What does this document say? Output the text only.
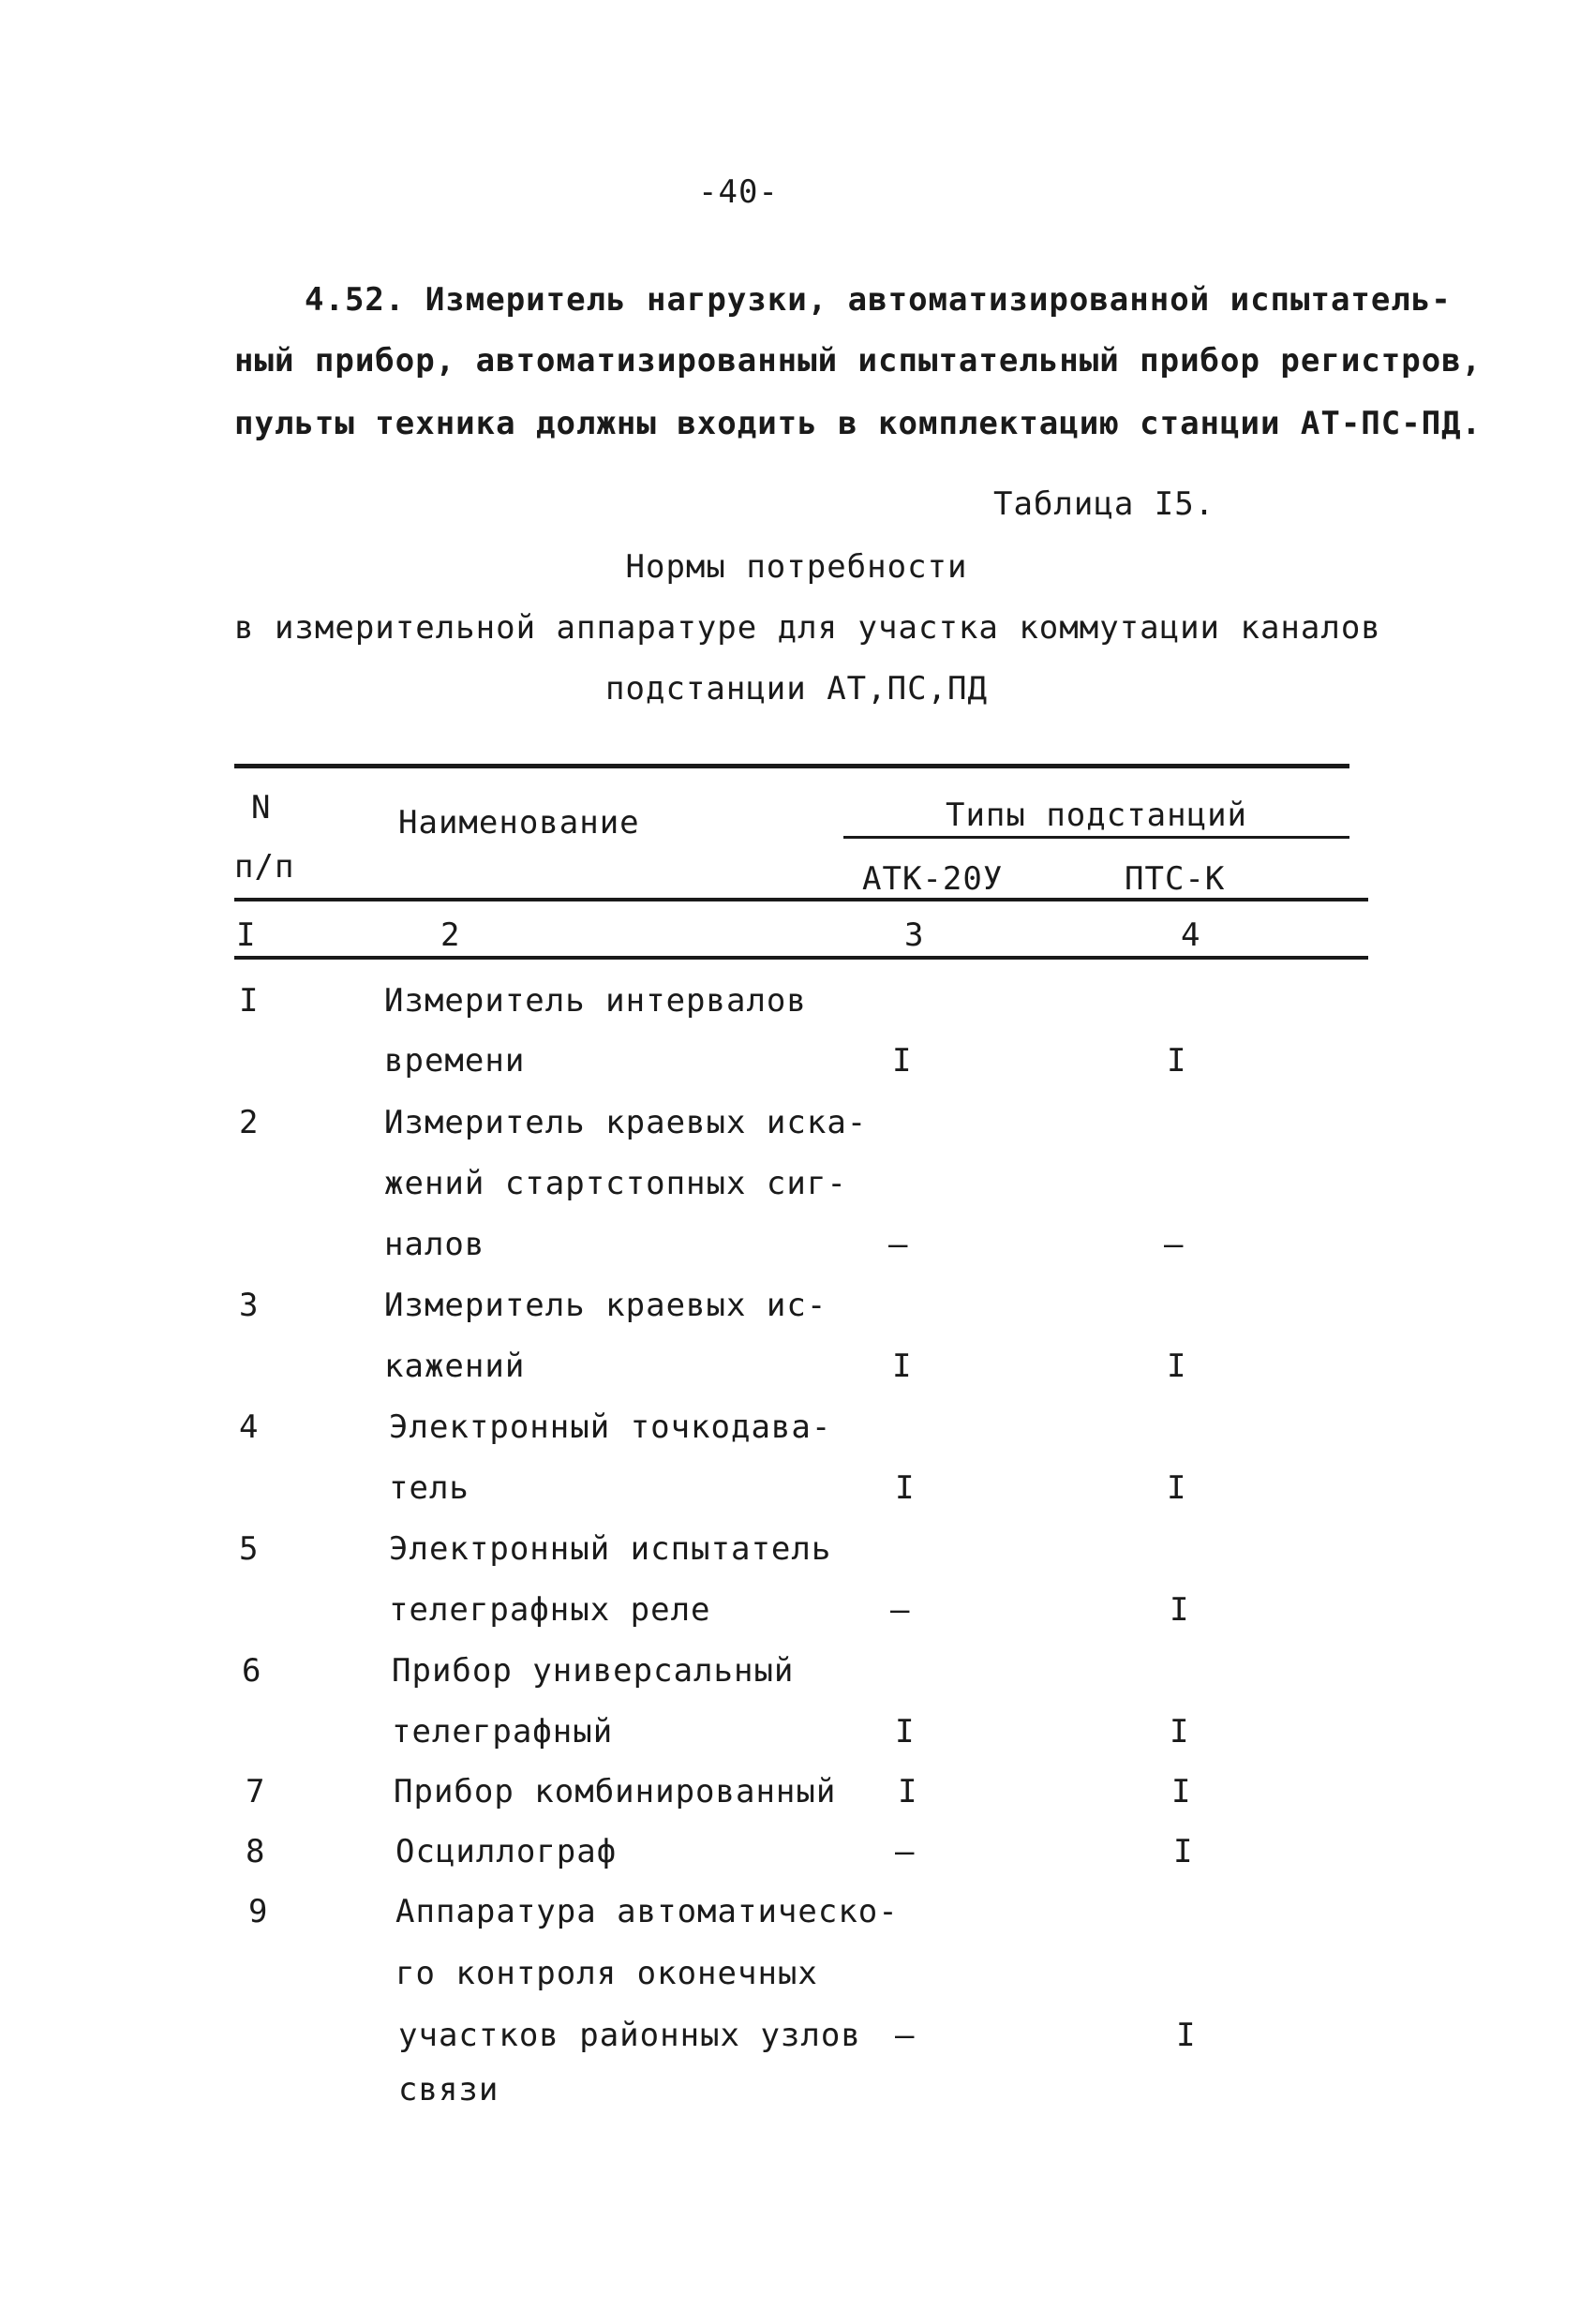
-40-
4.52. Измеритель нагрузки, автоматизированной испытатель-
ный прибор, автоматизированный испытательный прибор регистров,
пульты техника должны входить в комплектацию станции АТ-ПС-ПД.
Таблица I5.
Нормы потребности
в измерительной аппаратуре для участка коммутации каналов
подстанции АТ,ПС,ПД
N
п/п
Наименование	Типы подстанций
АТК-20У	ПТС-К
I	2	3	4
I	Измеритель интервалов
времени	I	I
2	Измеритель краевых иска-
жений стартстопных сиг-
налов	–	–
3	Измеритель краевых ис-
кажений	I	I
4	Электронный точкодава-
тель	I	I
5	Электронный испытатель
телеграфных реле	–	I
6	Прибор универсальный
телеграфный	I	I
7	Прибор комбинированный I	I
8	Осциллограф	–	I
9	Аппаратура автоматическо-
го контроля оконечных
участков районных узлов
связи
–	I
